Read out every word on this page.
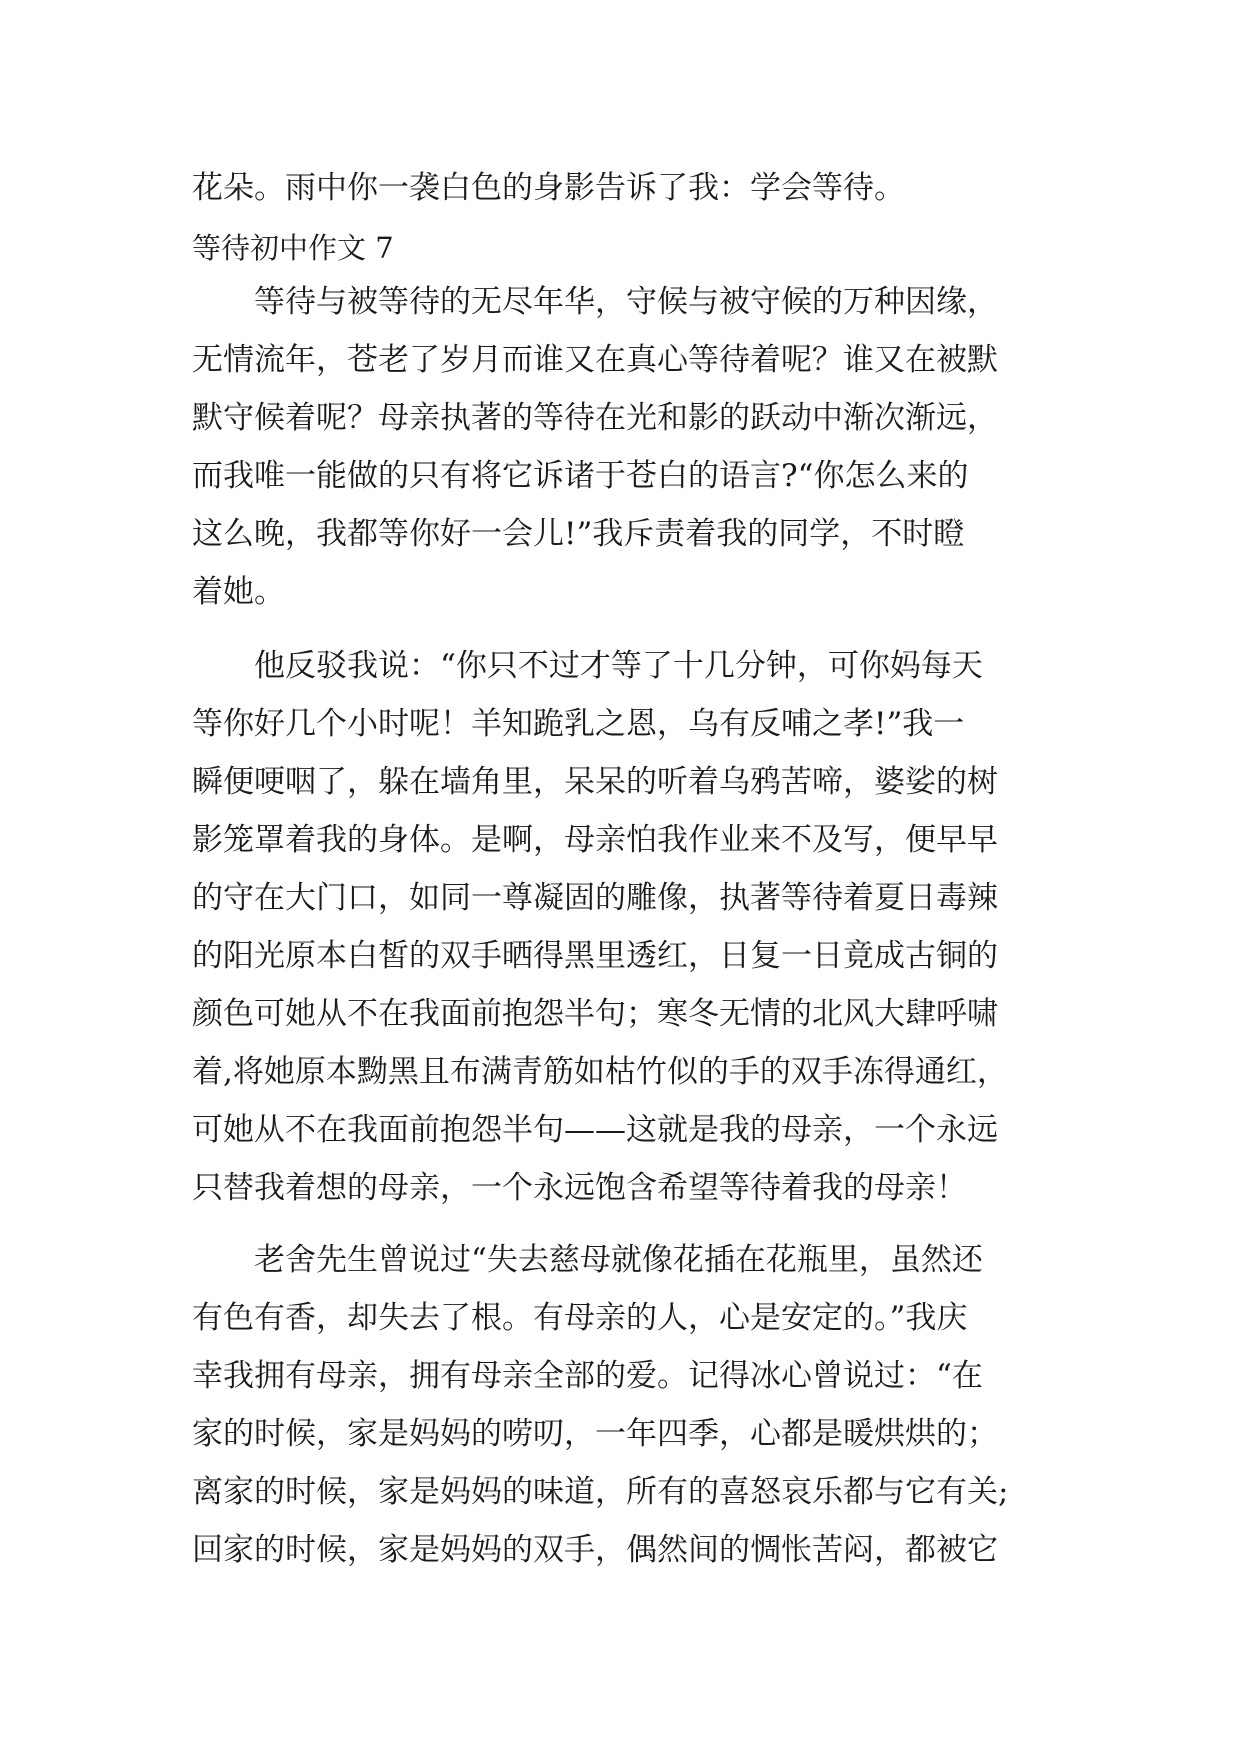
花朵。雨中你一袭白色的身影告诉了我：学会等待。
等待初中作文 7
　　等待与被等待的无尽年华，守候与被守候的万种因缘，
无情流年，苍老了岁月而谁又在真心等待着呢？谁又在被默
默守候着呢？母亲执著的等待在光和影的跃动中渐次渐远，
而我唯一能做的只有将它诉诸于苍白的语言?“你怎么来的
这么晚，我都等你好一会儿!”我斥责着我的同学，不时瞪
着她。
　　他反驳我说：“你只不过才等了十几分钟，可你妈每天
等你好几个小时呢！羊知跪乳之恩，乌有反哺之孝!”我一
瞬便哽咽了，躲在墙角里，呆呆的听着乌鸦苦啼，婆娑的树
影笼罩着我的身体。是啊，母亲怕我作业来不及写，便早早
的守在大门口，如同一尊凝固的雕像，执著等待着夏日毒辣
的阳光原本白皙的双手晒得黑里透红，日复一日竟成古铜的
颜色可她从不在我面前抱怨半句；寒冬无情的北风大肆呼啸
着,将她原本黝黑且布满青筋如枯竹似的手的双手冻得通红，
可她从不在我面前抱怨半句——这就是我的母亲，一个永远
只替我着想的母亲，一个永远饱含希望等待着我的母亲！
　　老舍先生曾说过“失去慈母就像花插在花瓶里，虽然还
有色有香，却失去了根。有母亲的人，心是安定的。”我庆
幸我拥有母亲，拥有母亲全部的爱。记得冰心曾说过：“在
家的时候，家是妈妈的唠叨，一年四季，心都是暖烘烘的；
离家的时候，家是妈妈的味道，所有的喜怒哀乐都与它有关;
回家的时候，家是妈妈的双手，偶然间的惆怅苦闷，都被它
